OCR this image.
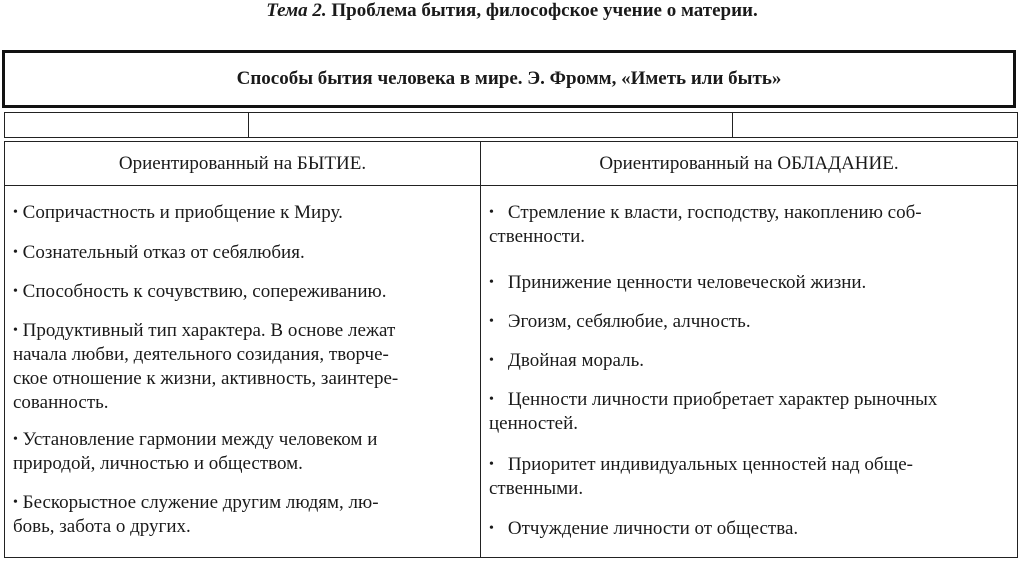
Тема 2. Проблема бытия, философское учение о материи.
Способы бытия человека в мире. Э. Фромм, «Иметь или быть»
Ориентированный на БЫТИЕ.	Ориентированный на ОБЛАДАНИЕ.
• Сопричастность и приобщение к Миру.
• Сознательный отказ от себялюбия.
• Способность к сочувствию, сопереживанию.
• Продуктивный тип характера. В основе лежат
начала любви, деятельного созидания, творче-
ское отношение к жизни, активность, заинтере-
сованность.
• Установление гармонии между человеком и
природой, личностью и обществом.
• Бескорыстное служение другим людям, лю-
бовь, забота о других.
• Стремление к власти, господству, накоплению соб-
ственности.
• Принижение ценности человеческой жизни.
• Эгоизм, себялюбие, алчность.
• Двойная мораль.
• Ценности личности приобретает характер рыночных
ценностей.
• Приоритет индивидуальных ценностей над обще-
ственными.
• Отчуждение личности от общества.
